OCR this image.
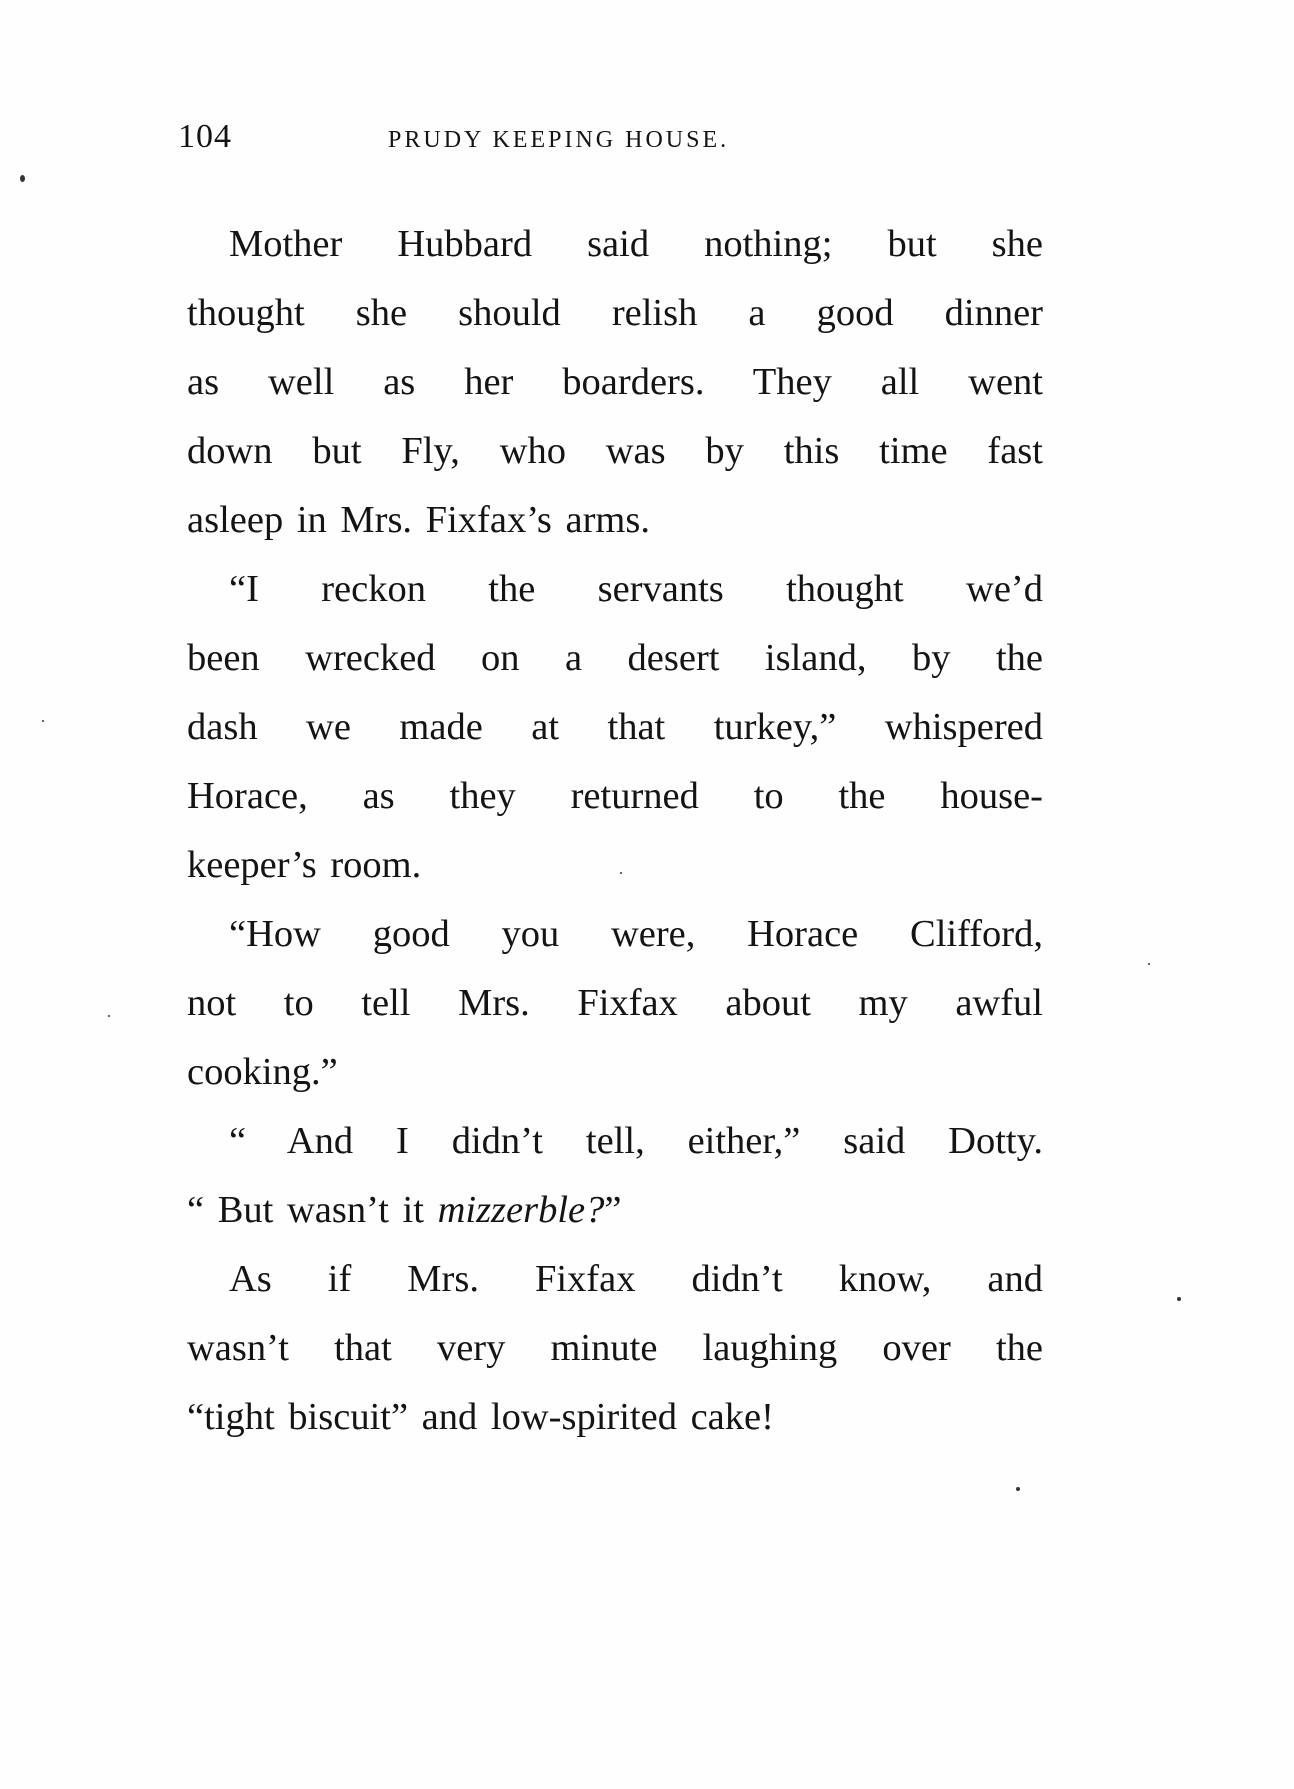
104	PRUDY KEEPING HOUSE.
Mother Hubbard said nothing; but she
thought she should relish a good dinner
as well as her boarders. They all went
down but Fly, who was by this time fast
asleep in Mrs. Fixfax’s arms.
“I reckon the servants thought we’d
been wrecked on a desert island, by the
dash we made at that turkey,” whispered
Horace, as they returned to the house-
keeper’s room.
“How good you were, Horace Clifford,
not to tell Mrs. Fixfax about my awful
cooking.”
“ And I didn’t tell, either,” said Dotty.
“ But wasn’t it mizzerble?”
As if Mrs. Fixfax didn’t know, and
wasn’t that very minute laughing over the
“tight biscuit” and low-spirited cake!
